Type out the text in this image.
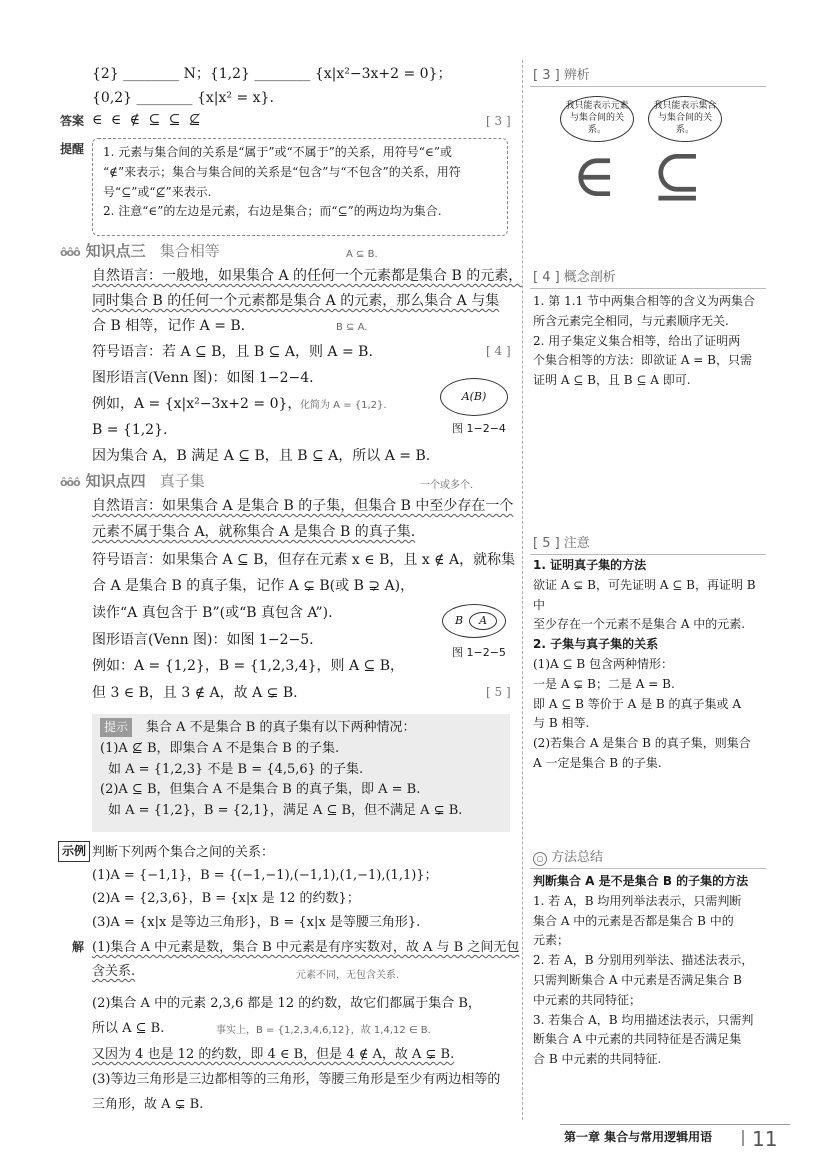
{2} ________ N；{1,2} ________ {x|x²−3x+2 = 0}；
{0,2} ________ {x|x² = x}.
答案 ∈ ∈ ∉ ⊆ ⊆ ⊈	[ 3 ]
提醒 1. 元素与集合间的关系是“属于”或“不属于”的关系，用符号“∈”或
“∉”来表示；集合与集合间的关系是“包含”与“不包含”的关系，用符
号“⊆”或“⊈”来表示.
2. 注意“∈”的左边是元素，右边是集合；而“⊆”的两边均为集合.
ôôô 知识点三 集合相等	A ⊆ B.
自然语言：一般地，如果集合 A 的任何一个元素都是集合 B 的元素，
同时集合 B 的任何一个元素都是集合 A 的元素，那么集合 A 与集
合 B 相等，记作 A = B.	B ⊆ A.
符号语言：若 A ⊆ B，且 B ⊆ A，则 A = B.	[ 4 ]
图形语言(Venn 图)：如图 1−2−4.
例如，A = {x|x²−3x+2 = 0}，
化简为 A = {1,2}.
B = {1,2}.
因为集合 A，B 满足 A ⊆ B，且 B ⊆ A，所以 A = B.
A(B)
图 1−2−4
ôôô 知识点四 真子集	一个或多个.
自然语言：如果集合 A 是集合 B 的子集，但集合 B 中至少存在一个
元素不属于集合 A，就称集合 A 是集合 B 的真子集.
符号语言：如果集合 A ⊆ B，但存在元素 x ∈ B，且 x ∉ A，就称集
合 A 是集合 B 的真子集，记作 A ⊊ B(或 B ⊋ A)，
读作“A 真包含于 B”(或“B 真包含 A”).
图形语言(Venn 图)：如图 1−2−5.
例如：A = {1,2}，B = {1,2,3,4}，则 A ⊆ B，
但 3 ∈ B，且 3 ∉ A，故 A ⊊ B.	[ 5 ]
B A
图 1−2−5
提示 集合 A 不是集合 B 的真子集有以下两种情况：
(1)A ⊈ B，即集合 A 不是集合 B 的子集.
如 A = {1,2,3} 不是 B = {4,5,6} 的子集.
(2)A ⊆ B，但集合 A 不是集合 B 的真子集，即 A = B.
如 A = {1,2}，B = {2,1}，满足 A ⊆ B，但不满足 A ⊊ B.
示例 判断下列两个集合之间的关系：
(1)A = {−1,1}，B = {(−1,−1),(−1,1),(1,−1),(1,1)}；
(2)A = {2,3,6}，B = {x|x 是 12 的约数}；
(3)A = {x|x 是等边三角形}，B = {x|x 是等腰三角形}.
解 (1)集合 A 中元素是数，集合 B 中元素是有序实数对，故 A 与 B 之间无包
含关系.	元素不同，无包含关系.
(2)集合 A 中的元素 2,3,6 都是 12 的约数，故它们都属于集合 B，
所以 A ⊆ B.	事实上，B = {1,2,3,4,6,12}，故 1,4,12 ∈ B.
又因为 4 也是 12 的约数，即 4 ∈ B，但是 4 ∉ A，故 A ⊊ B.
(3)等边三角形是三边都相等的三角形，等腰三角形是至少有两边相等的
三角形，故 A ⊊ B.
[ 3 ] 辨析
我只能表示元素与集合间的关系。
我只能表示集合与集合间的关系。
∈ ⊆
[ 4 ] 概念剖析
1. 第 1.1 节中两集合相等的含义为两集合
所含元素完全相同，与元素顺序无关.
2. 用子集定义集合相等，给出了证明两
个集合相等的方法：即欲证 A = B，只需
证明 A ⊆ B，且 B ⊆ A 即可.
[ 5 ] 注意
1. 证明真子集的方法
欲证 A ⊊ B，可先证明 A ⊆ B，再证明 B 中
至少存在一个元素不是集合 A 中的元素.
2. 子集与真子集的关系
(1)A ⊆ B 包含两种情形：
一是 A ⊊ B；二是 A = B.
即 A ⊆ B 等价于 A 是 B 的真子集或 A
与 B 相等.
(2)若集合 A 是集合 B 的真子集，则集合
A 一定是集合 B 的子集.
○ 方法总结
判断集合 A 是不是集合 B 的子集的方法
1. 若 A，B 均用列举法表示，只需判断
集合 A 中的元素是否都是集合 B 中的
元素；
2. 若 A，B 分别用列举法、描述法表示，
只需判断集合 A 中元素是否满足集合 B
中元素的共同特征；
3. 若集合 A，B 均用描述法表示，只需判
断集合 A 中元素的共同特征是否满足集
合 B 中元素的共同特征.
第一章 集合与常用逻辑用语 11
